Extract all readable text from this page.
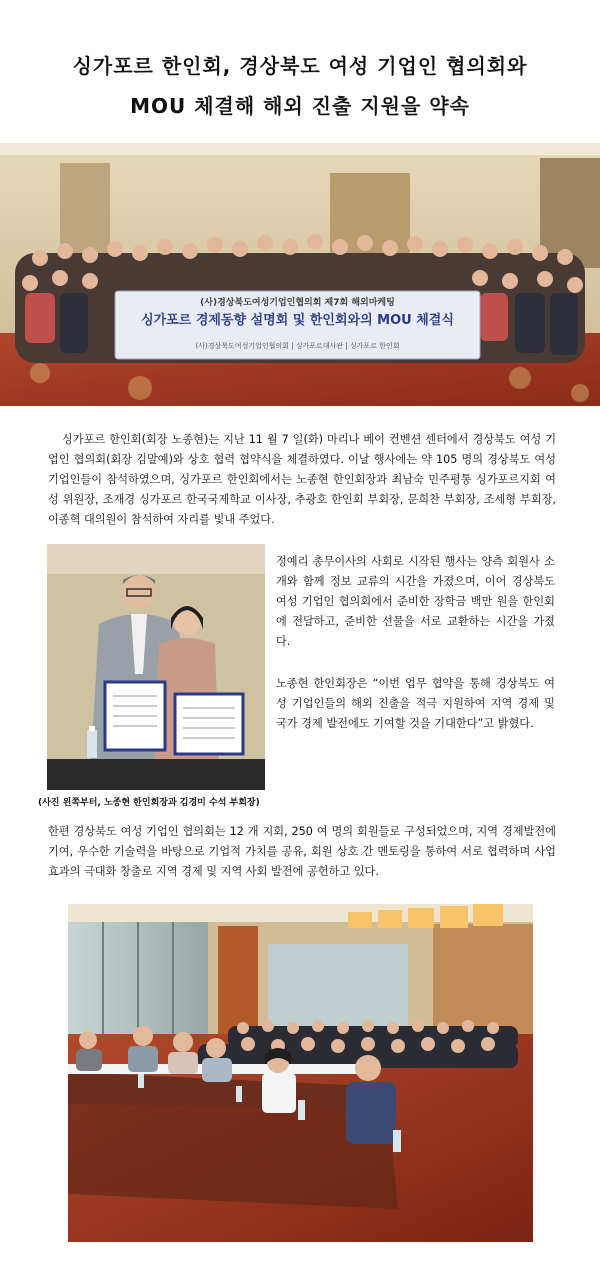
싱가포르 한인회, 경상북도 여성 기업인 협의회와
MOU 체결해 해외 진출 지원을 약속
(사)경상북도여성기업인협의회 제7회 해외마케팅
싱가포르 경제동향 설명회 및 한인회와의 MOU 체결식
(사)경상북도여성기업인협의회 | 싱가포르대사관 | 싱가포르 한인회

싱가포르 한인회(회장 노종현)는 지난 11 월 7 일(화) 마리나 베이 컨벤션 센터에서 경상북도 여성 기업인 협의회(회장 김말예)와 상호 협력 협약식을 체결하였다. 이날 행사에는 약 105 명의 경상북도 여성 기업인들이 참석하였으며, 싱가포르 한인회에서는 노종현 한인회장과 최남숙 민주평통 싱가포르지회 여성 위원장, 조재경 싱가포르 한국국제학교 이사장, 추광호 한인회 부회장, 문희찬 부회장, 조세형 부회장, 이종혁 대의원이 참석하여 자리를 빛내 주었다.

(사진 왼쪽부터, 노종현 한인회장과 김경미 수석 부회장)

정예리 총무이사의 사회로 시작된 행사는 양측 회원사 소개와 함께 정보 교류의 시간을 가졌으며, 이어 경상북도 여성 기업인 협의회에서 준비한 장학금 백만 원을 한인회에 전달하고, 준비한 선물을 서로 교환하는 시간을 가졌다.

노종현 한인회장은 “이번 업무 협약을 통해 경상북도 여성 기업인들의 해외 진출을 적극 지원하여 지역 경제 및 국가 경제 발전에도 기여할 것을 기대한다”고 밝혔다.

한편 경상북도 여성 기업인 협의회는 12 개 지회, 250 여 명의 회원들로 구성되었으며, 지역 경제발전에 기여, 우수한 기술력을 바탕으로 기업적 가치를 공유, 회원 상호 간 멘토링을 통하여 서로 협력하며 사업 효과의 극대화 창출로 지역 경제 및 지역 사회 발전에 공헌하고 있다.
